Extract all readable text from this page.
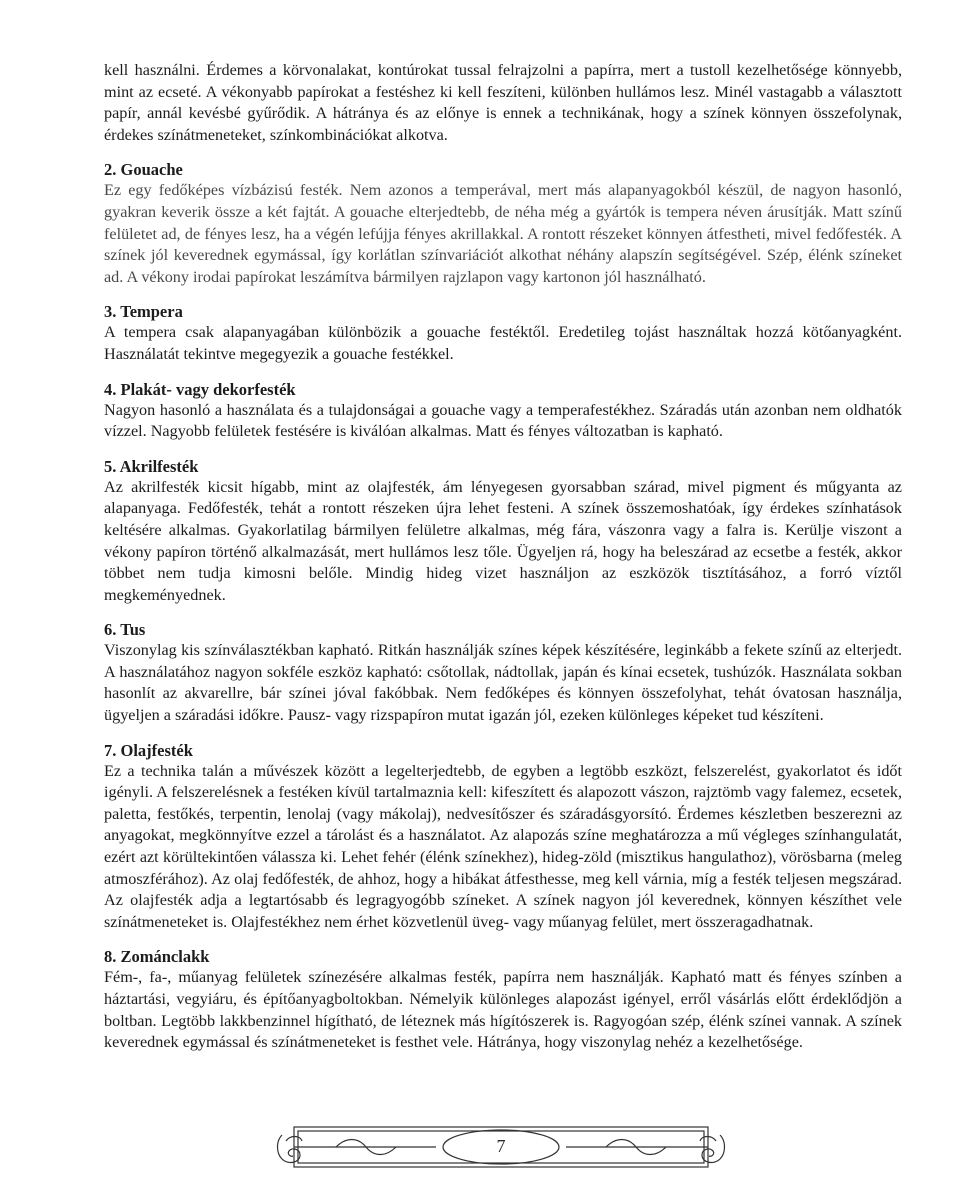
kell használni. Érdemes a körvonalakat, kontúrokat tussal felrajzolni a papírra, mert a tustoll kezelhetősége könnyebb, mint az ecseté. A vékonyabb papírokat a festéshez ki kell feszíteni, különben hullámos lesz. Minél vastagabb a választott papír, annál kevésbé gyűrődik. A hátránya és az előnye is ennek a technikának, hogy a színek könnyen összefolynak, érdekes színátmeneteket, színkombinációkat alkotva.

2. Gouache

Ez egy fedőképes vízbázisú festék. Nem azonos a temperával, mert más alapanyagokból készül, de nagyon hasonló, gyakran keverik össze a két fajtát. A gouache elterjedtebb, de néha még a gyártók is tempera néven árusítják. Matt színű felületet ad, de fényes lesz, ha a végén lefújja fényes akrillakkal. A rontott részeket könnyen átfestheti, mivel fedőfesték. A színek jól keverednek egymással, így korlátlan színvariációt alkothat néhány alapszín segítségével. Szép, élénk színeket ad. A vékony irodai papírokat leszámítva bármilyen rajzlapon vagy kartonon jól használható.

3. Tempera

A tempera csak alapanyagában különbözik a gouache festéktől. Eredetileg tojást használtak hozzá kötőanyagként. Használatát tekintve megegyezik a gouache festékkel.

4. Plakát- vagy dekorfesték

Nagyon hasonló a használata és a tulajdonságai a gouache vagy a temperafestékhez. Száradás után azonban nem oldhatók vízzel. Nagyobb felületek festésére is kiválóan alkalmas. Matt és fényes változatban is kapható.

5. Akrilfesték

Az akrilfesték kicsit hígabb, mint az olajfesték, ám lényegesen gyorsabban szárad, mivel pigment és műgyanta az alapanyaga. Fedőfesték, tehát a rontott részeken újra lehet festeni. A színek összemoshatóak, így érdekes színhatások keltésére alkalmas. Gyakorlatilag bármilyen felületre alkalmas, még fára, vászonra vagy a falra is. Kerülje viszont a vékony papíron történő alkalmazását, mert hullámos lesz tőle. Ügyeljen rá, hogy ha beleszárad az ecsetbe a festék, akkor többet nem tudja kimosni belőle. Mindig hideg vizet használjon az eszközök tisztításához, a forró víztől megkeményednek.

6. Tus

Viszonylag kis színválasztékban kapható. Ritkán használják színes képek készítésére, leginkább a fekete színű az elterjedt. A használatához nagyon sokféle eszköz kapható: csőtollak, nádtollak, japán és kínai ecsetek, tushúzók. Használata sokban hasonlít az akvarellre, bár színei jóval fakóbbak. Nem fedőképes és könnyen összefolyhat, tehát óvatosan használja, ügyeljen a száradási időkre. Pausz- vagy rizspapíron mutat igazán jól, ezeken különleges képeket tud készíteni.

7. Olajfesték

Ez a technika talán a művészek között a legelterjedtebb, de egyben a legtöbb eszközt, felszerelést, gyakorlatot és időt igényli. A felszerelésnek a festéken kívül tartalmaznia kell: kifeszített és alapozott vászon, rajztömb vagy falemez, ecsetek, paletta, festőkés, terpentin, lenolaj (vagy mákolaj), nedvesítőszer és száradásgyorsító. Érdemes készletben beszerezni az anyagokat, megkönnyítve ezzel a tárolást és a használatot. Az alapozás színe meghatározza a mű végleges színhangulatát, ezért azt körültekintően válassza ki. Lehet fehér (élénk színekhez), hideg-zöld (misztikus hangulathoz), vörösbarna (meleg atmoszférához). Az olaj fedőfesték, de ahhoz, hogy a hibákat átfesthesse, meg kell várnia, míg a festék teljesen megszárad. Az olajfesték adja a legtartósabb és legragyogóbb színeket. A színek nagyon jól keverednek, könnyen készíthet vele színátmeneteket is. Olajfestékhez nem érhet közvetlenül üveg- vagy műanyag felület, mert összeragadhatnak.

8. Zománclakk

Fém-, fa-, műanyag felületek színezésére alkalmas festék, papírra nem használják. Kapható matt és fényes színben a háztartási, vegyiáru, és építőanyagboltokban. Némelyik különleges alapozást igényel, erről vásárlás előtt érdeklődjön a boltban. Legtöbb lakkbenzinnel hígítható, de léteznek más hígítószerek is. Ragyogóan szép, élénk színei vannak. A színek keverednek egymással és színátmeneteket is festhet vele. Hátránya, hogy viszonylag nehéz a kezelhetősége.

7
